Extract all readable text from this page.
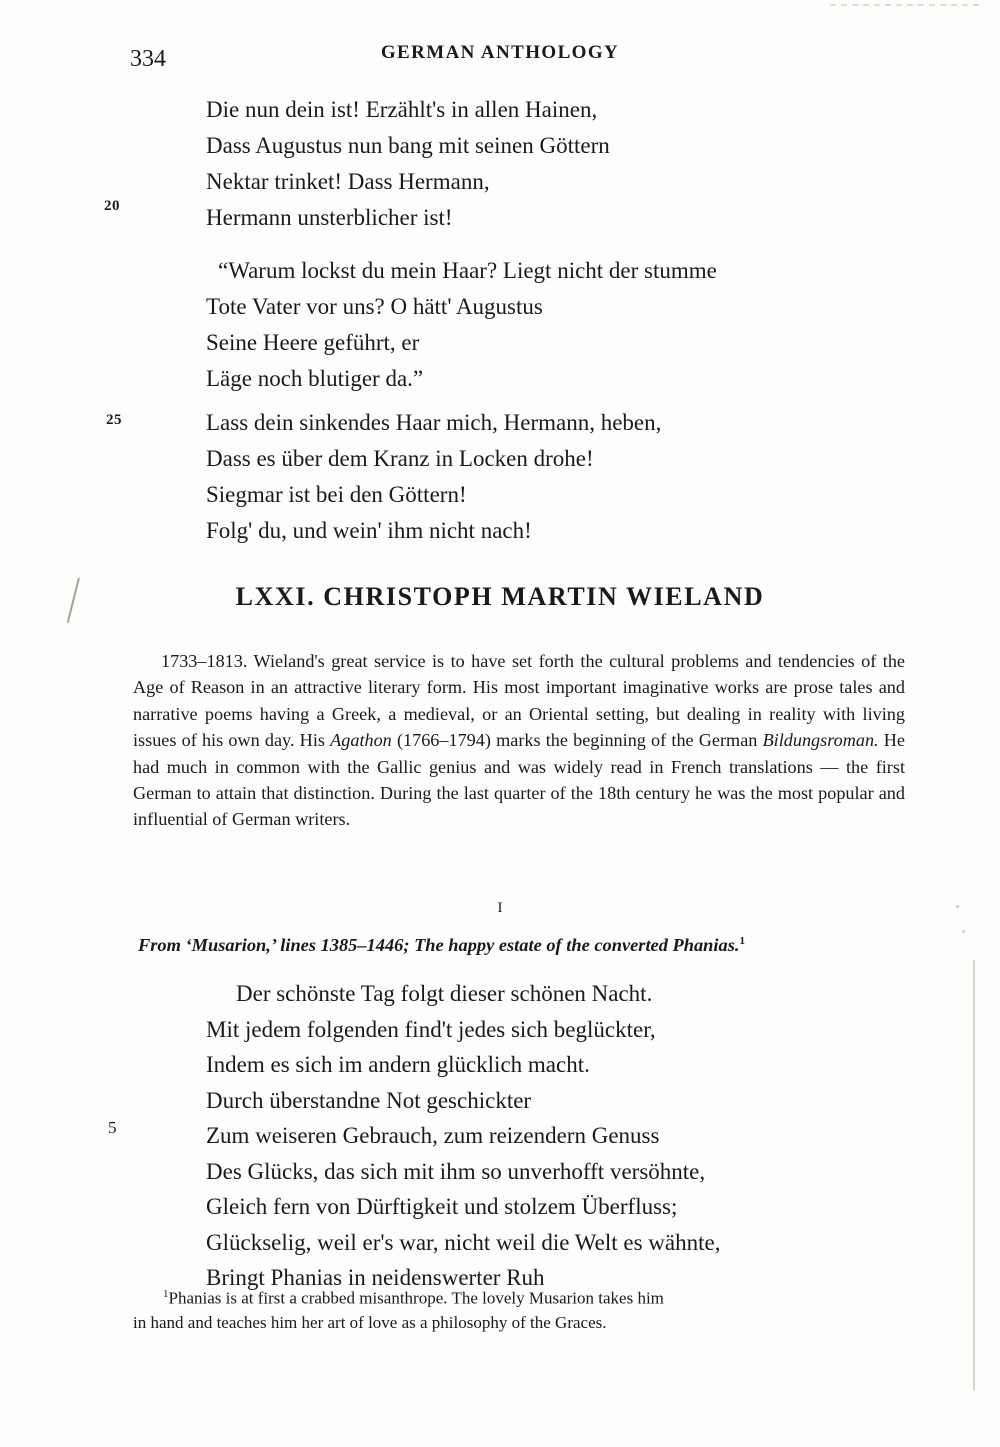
334	GERMAN ANTHOLOGY
20
25
Die nun dein ist! Erzählt's in allen Hainen,
Dass Augustus nun bang mit seinen Göttern
Nektar trinket! Dass Hermann,
Hermann unsterblicher ist!
“Warum lockst du mein Haar? Liegt nicht der stumme
Tote Vater vor uns? O hätt' Augustus
Seine Heere geführt, er
Läge noch blutiger da.”
Lass dein sinkendes Haar mich, Hermann, heben,
Dass es über dem Kranz in Locken drohe!
Siegmar ist bei den Göttern!
Folg' du, und wein' ihm nicht nach!
LXXI. CHRISTOPH MARTIN WIELAND
1733–1813. Wieland's great service is to have set forth the cultural problems and tendencies of the Age of Reason in an attractive literary form. His most important imaginative works are prose tales and narrative poems having a Greek, a medieval, or an Oriental setting, but dealing in reality with living issues of his own day. His Agathon (1766–1794) marks the beginning of the German Bildungsroman. He had much in common with the Gallic genius and was widely read in French translations — the first German to attain that distinction. During the last quarter of the 18th century he was the most popular and influential of German writers.
I
From ‘Musarion,’ lines 1385–1446; The happy estate of the converted Phanias.$^1$
5
Der schönste Tag folgt dieser schönen Nacht.
Mit jedem folgenden find't jedes sich beglückter,
Indem es sich im andern glücklich macht.
Durch überstandne Not geschickter
Zum weiseren Gebrauch, zum reizendern Genuss
Des Glücks, das sich mit ihm so unverhofft versöhnte,
Gleich fern von Dürftigkeit und stolzem Überfluss;
Glückselig, weil er's war, nicht weil die Welt es wähnte,
Bringt Phanias in neidenswerter Ruh
$^1$Phanias is at first a crabbed misanthrope. The lovely Musarion takes him
in hand and teaches him her art of love as a philosophy of the Graces.
